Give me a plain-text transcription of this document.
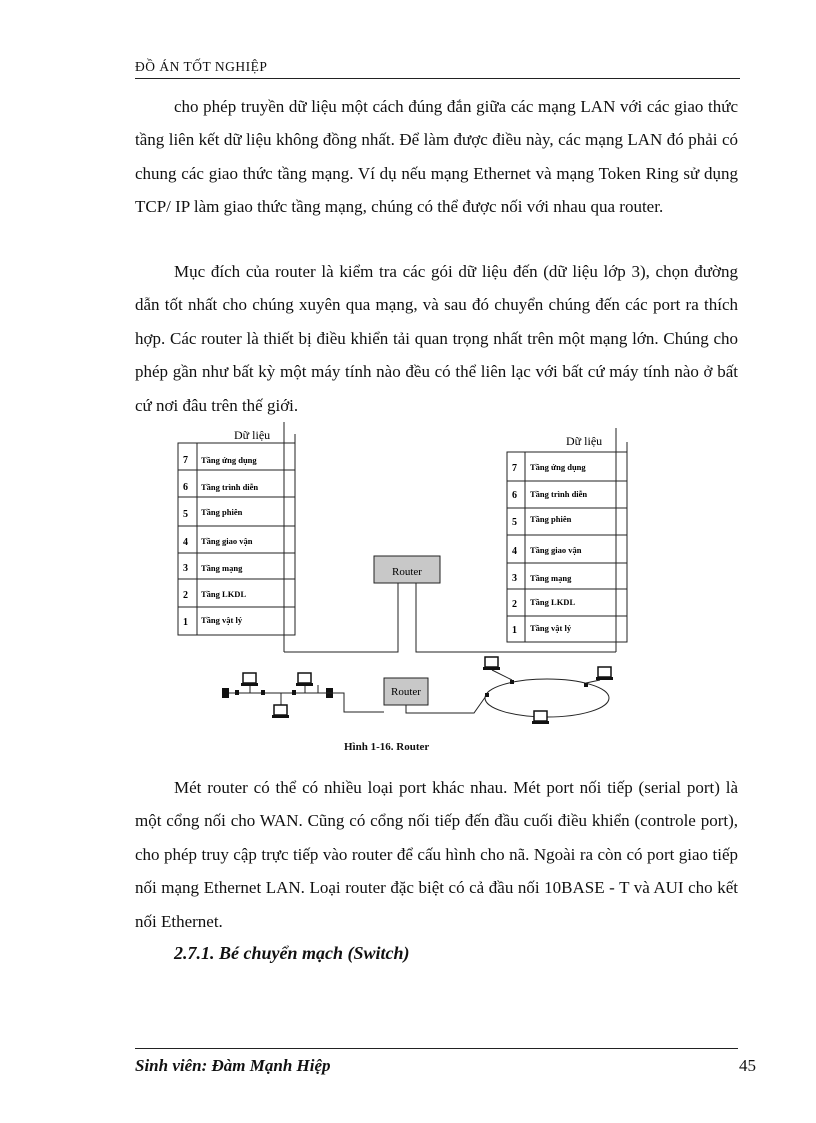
ĐỒ ÁN TỐT NGHIỆP

cho phép truyền dữ liệu một cách đúng đắn giữa các mạng LAN với các giao thức tầng liên kết dữ liệu không đồng nhất. Để làm được điều này, các mạng LAN đó phải có chung các giao thức tầng mạng. Ví dụ nếu mạng Ethernet và mạng Token Ring sử dụng TCP/ IP làm giao thức tầng mạng, chúng có thể được nối với nhau qua router.

Mục đích của router là kiểm tra các gói dữ liệu đến (dữ liệu lớp 3), chọn đường dẫn tốt nhất cho chúng xuyên qua mạng, và sau đó chuyển chúng đến các port ra thích hợp. Các router là thiết bị điều khiển tải quan trọng nhất trên một mạng lớn. Chúng cho phép gần như bất kỳ một máy tính nào đều có thể liên lạc với bất cứ máy tính nào ở bất cứ nơi đâu trên thế giới.

Dữ liệu
7 Tầng ứng dụng
6 Tầng trình diễn
5 Tầng phiên
4 Tầng giao vận
3 Tầng mạng
2 Tầng LKDL
1 Tầng vật lý
Dữ liệu
7 Tầng ứng dụng
6 Tầng trình diễn
5 Tầng phiên
4 Tầng giao vận
3 Tầng mạng
2 Tầng LKDL
1 Tầng vật lý
Router
Router
Hình 1-16. Router

Mét router có thể có nhiều loại port khác nhau. Mét port nối tiếp (serial port) là một cổng nối cho WAN. Cũng có cổng nối tiếp đến đầu cuối điều khiển (controle port), cho phép truy cập trực tiếp vào router để cấu hình cho nã. Ngoài ra còn có port giao tiếp nối mạng Ethernet LAN. Loại router đặc biệt có cả đầu nối 10BASE - T và AUI cho kết nối Ethernet.

2.7.1. Bé chuyển mạch (Switch)
Sinh viên: Đàm Mạnh Hiệp	45
